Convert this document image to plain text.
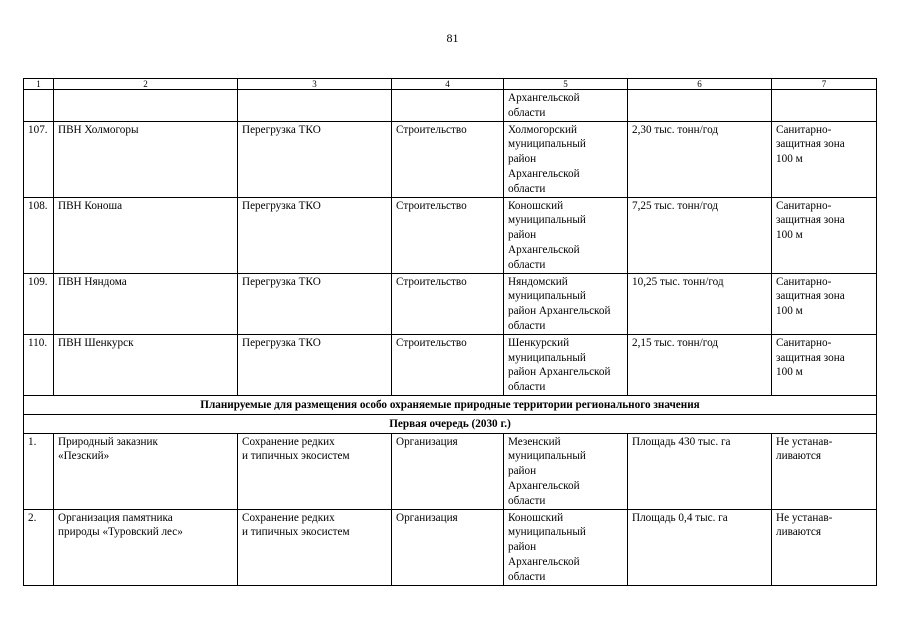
81
1	2	3	4	5	6	7

				Архангельской
области		

107.	ПВН Холмогоры	Перегрузка ТКО	Строительство	Холмогорский
муниципальный
район
Архангельской
области	2,30 тыс. тонн/год	Санитарно-
защитная зона
100 м

108.	ПВН Коноша	Перегрузка ТКО	Строительство	Коношский
муниципальный
район
Архангельской
области	7,25 тыс. тонн/год	Санитарно-
защитная зона
100 м

109.	ПВН Няндома	Перегрузка ТКО	Строительство	Няндомский
муниципальный
район Архангельской
области	10,25 тыс. тонн/год	Санитарно-
защитная зона
100 м

110.	ПВН Шенкурск	Перегрузка ТКО	Строительство	Шенкурский
муниципальный
район Архангельской
области	2,15 тыс. тонн/год	Санитарно-
защитная зона
100 м

Планируемые для размещения особо охраняемые природные территории регионального значения						
Первая очередь (2030 г.)						

1.	Природный заказник
«Пезский»	Сохранение редких
и типичных экосистем	Организация	Мезенский
муниципальный
район
Архангельской
области	Площадь 430 тыс. га	Не устанав-
ливаются

2.	Организация памятника
природы «Туровский лес»	Сохранение редких
и типичных экосистем	Организация	Коношский
муниципальный
район
Архангельской
области	Площадь 0,4 тыс. га	Не устанав-
ливаются
